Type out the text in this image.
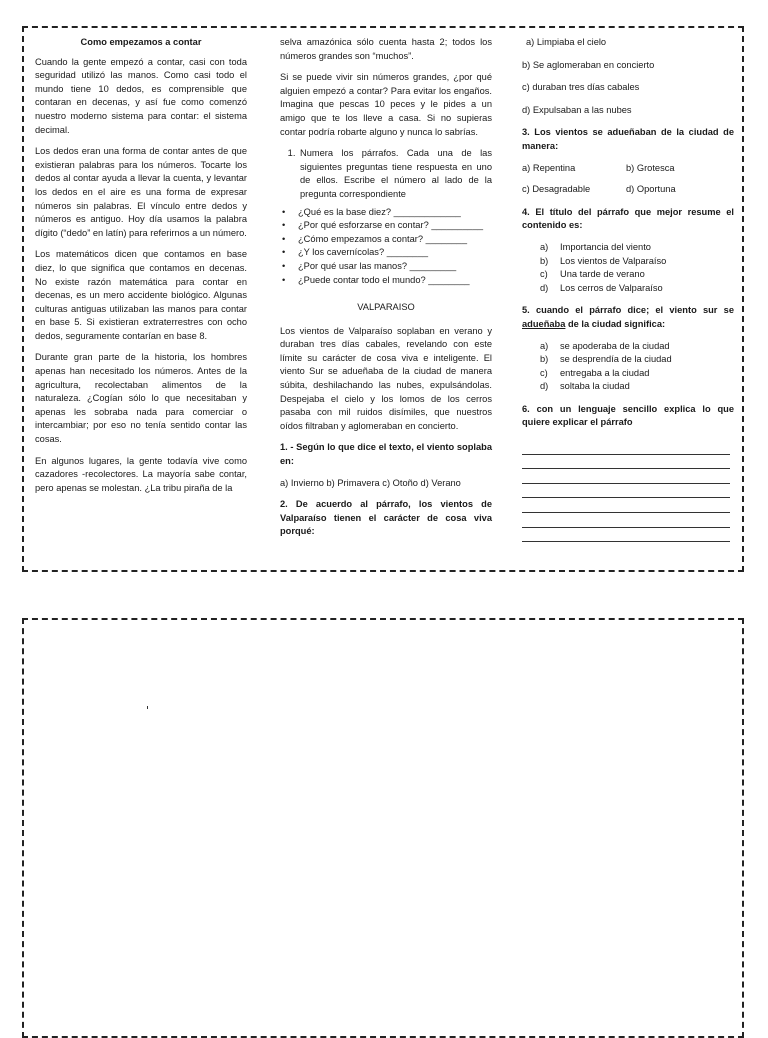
Como empezamos a contar

Cuando la gente empezó a contar, casi con toda seguridad utilizó las manos. Como casi todo el mundo tiene 10 dedos, es comprensible que contaran en decenas, y así fue como comenzó nuestro moderno sistema para contar: el sistema decimal.

Los dedos eran una forma de contar antes de que existieran palabras para los números. Tocarte los dedos al contar ayuda a llevar la cuenta, y levantar los dedos en el aire es una forma de expresar números sin palabras. El vínculo entre dedos y números es antiguo. Hoy día usamos la palabra dígito (“dedo” en latín) para referirnos a un número.

Los matemáticos dicen que contamos en base diez, lo que significa que contamos en decenas. No existe razón matemática para contar en decenas, es un mero accidente biológico. Algunas culturas antiguas utilizaban las manos para contar en base 5. Si existieran extraterrestres con ocho dedos, seguramente contarían en base 8.

Durante gran parte de la historia, los hombres apenas han necesitado los números. Antes de la agricultura, recolectaban alimentos de la naturaleza. ¿Cogían sólo lo que necesitaban y apenas les sobraba nada para comerciar o intercambiar; por eso no tenía sentido contar las cosas.

En algunos lugares, la gente todavía vive como cazadores -recolectores. La mayoría sabe contar, pero apenas se molestan. ¿La tribu piraña de la

selva amazónica sólo cuenta hasta 2; todos los números grandes son “muchos”.

Si se puede vivir sin números grandes, ¿por qué alguien empezó a contar? Para evitar los engaños. Imagina que pescas 10 peces y le pides a un amigo que te los lleve a casa. Si no supieras contar podría robarte alguno y nunca lo sabrías.

1. Numera los párrafos. Cada una de las siguientes preguntas tiene respuesta en uno de ellos. Escribe el número al lado de la pregunta correspondiente
• ¿Qué es la base diez? _____________
• ¿Por qué esforzarse en contar? __________
• ¿Cómo empezamos a contar? ________
• ¿Y los cavernícolas? ________
• ¿Por qué usar las manos? _________
• ¿Puede contar todo el mundo? ________

VALPARAISO

Los vientos de Valparaíso soplaban en verano y duraban tres días cabales, revelando con este límite su carácter de cosa viva e inteligente. El viento Sur se adueñaba de la ciudad de manera súbita, deshilachando las nubes, expulsándolas. Despejaba el cielo y los lomos de los cerros pasaba con mil ruidos disímiles, que nuestros oídos filtraban y aglomeraban en concierto.

1. - Según lo que dice el texto, el viento soplaba en:

a) Invierno b) Primavera c) Otoño d) Verano

2. De acuerdo al párrafo, los vientos de Valparaíso tienen el carácter de cosa viva porqué:

a) Limpiaba el cielo
b) Se aglomeraban en concierto
c) duraban tres días cabales
d) Expulsaban a las nubes

3. Los vientos se adueñaban de la ciudad de manera:

a) Repentina	b) Grotesca
c) Desagradable	d) Oportuna

4. El título del párrafo que mejor resume el contenido es:

a)	Importancia del viento
b)	Los vientos de Valparaíso
c)	Una tarde de verano
d)	Los cerros de Valparaíso

5. cuando el párrafo dice; el viento sur se adueñaba de la ciudad significa:

a)	se apoderaba de la ciudad
b)	se desprendía de la ciudad
c)	entregaba a la ciudad
d)	soltaba la ciudad

6. con un lenguaje sencillo explica lo que quiere explicar el párrafo
